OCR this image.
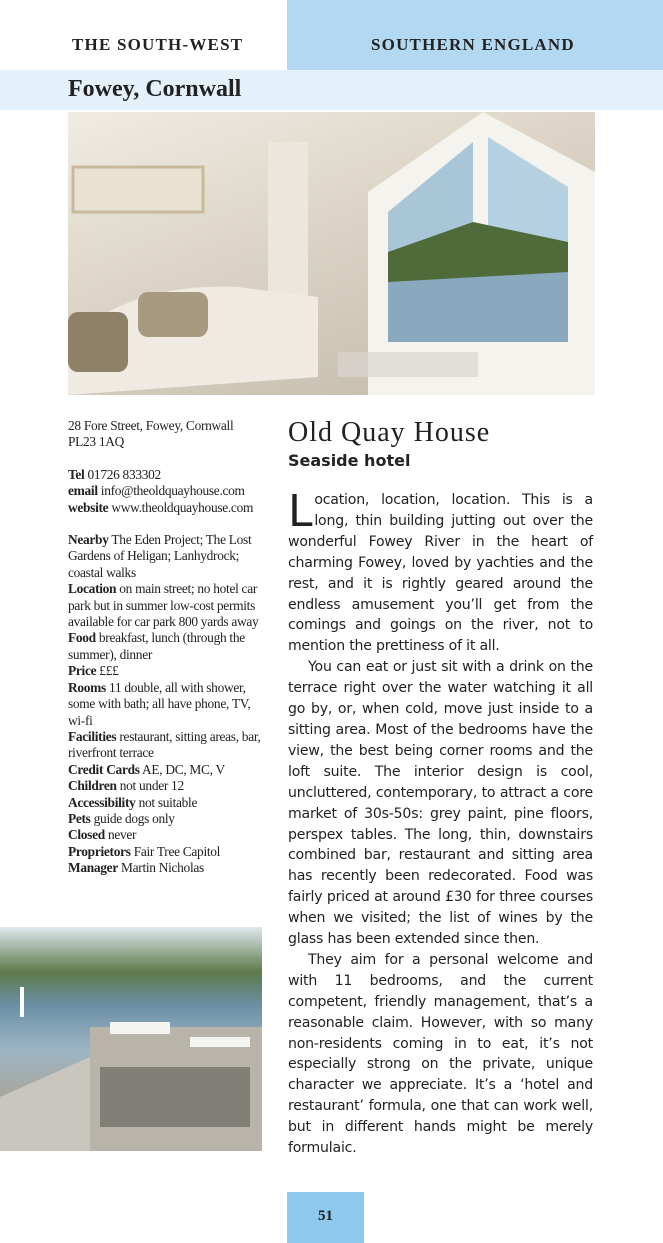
THE SOUTH-WEST	SOUTHERN ENGLAND
Fowey, Cornwall

28 Fore Street, Fowey, Cornwall
PL23 1AQ

Tel 01726 833302
email info@theoldquayhouse.com
website www.theoldquayhouse.com

Nearby The Eden Project; The Lost Gardens of Heligan; Lanhydrock; coastal walks
Location on main street; no hotel car park but in summer low-cost permits available for car park 800 yards away
Food breakfast, lunch (through the summer), dinner
Price £££
Rooms 11 double, all with shower, some with bath; all have phone, TV, wi-fi
Facilities restaurant, sitting areas, bar, riverfront terrace
Credit Cards AE, DC, MC, V
Children not under 12
Accessibility not suitable
Pets guide dogs only
Closed never
Proprietors Fair Tree Capitol
Manager Martin Nicholas
Old Quay House
Seaside hotel

Location, location, location. This is a long, thin building jutting out over the wonderful Fowey River in the heart of charming Fowey, loved by yachties and the rest, and it is rightly geared around the endless amusement you’ll get from the comings and goings on the river, not to mention the prettiness of it all.

You can eat or just sit with a drink on the terrace right over the water watching it all go by, or, when cold, move just inside to a sitting area. Most of the bedrooms have the view, the best being corner rooms and the loft suite. The interior design is cool, uncluttered, contemporary, to attract a core market of 30s-50s: grey paint, pine floors, perspex tables. The long, thin, downstairs combined bar, restaurant and sitting area has recently been redecorated. Food was fairly priced at around £30 for three courses when we visited; the list of wines by the glass has been extended since then.

They aim for a personal welcome and with 11 bedrooms, and the current competent, friendly management, that’s a reasonable claim. However, with so many non-residents coming in to eat, it’s not especially strong on the private, unique character we appreciate. It’s a ‘hotel and restaurant’ formula, one that can work well, but in different hands might be merely formulaic.

51
